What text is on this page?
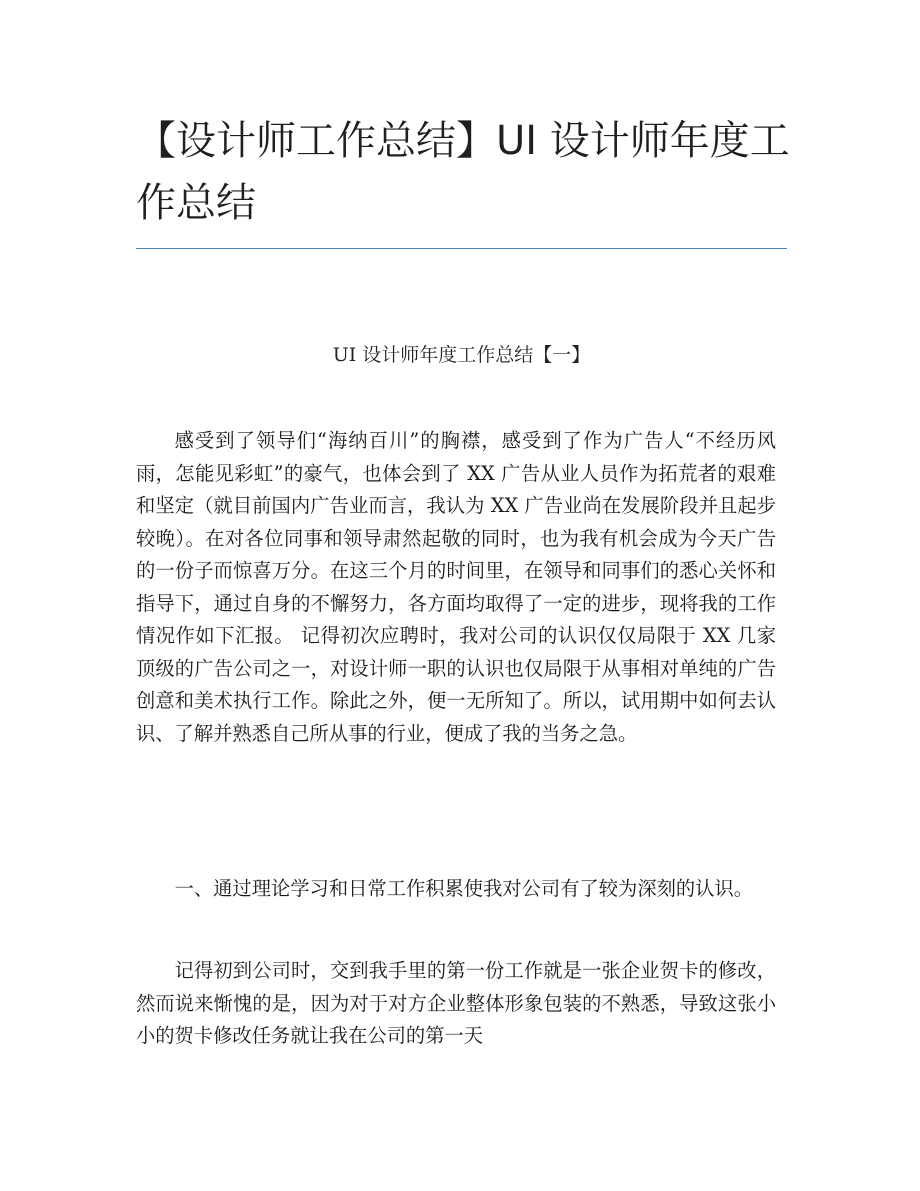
【设计师工作总结】UI 设计师年度工作总结
UI 设计师年度工作总结【一】

感受到了领导们“海纳百川”的胸襟，感受到了作为广告人“不经历风雨，怎能见彩虹”的豪气，也体会到了 XX 广告从业人员作为拓荒者的艰难和坚定（就目前国内广告业而言，我认为 XX 广告业尚在发展阶段并且起步较晚）。在对各位同事和领导肃然起敬的同时，也为我有机会成为今天广告的一份子而惊喜万分。在这三个月的时间里，在领导和同事们的悉心关怀和指导下，通过自身的不懈努力，各方面均取得了一定的进步，现将我的工作情况作如下汇报。 记得初次应聘时，我对公司的认识仅仅局限于 XX 几家顶级的广告公司之一，对设计师一职的认识也仅局限于从事相对单纯的广告创意和美术执行工作。除此之外，便一无所知了。所以，试用期中如何去认识、了解并熟悉自己所从事的行业，便成了我的当务之急。

一、通过理论学习和日常工作积累使我对公司有了较为深刻的认识。

记得初到公司时，交到我手里的第一份工作就是一张企业贺卡的修改，然而说来惭愧的是，因为对于对方企业整体形象包装的不熟悉，导致这张小小的贺卡修改任务就让我在公司的第一天
